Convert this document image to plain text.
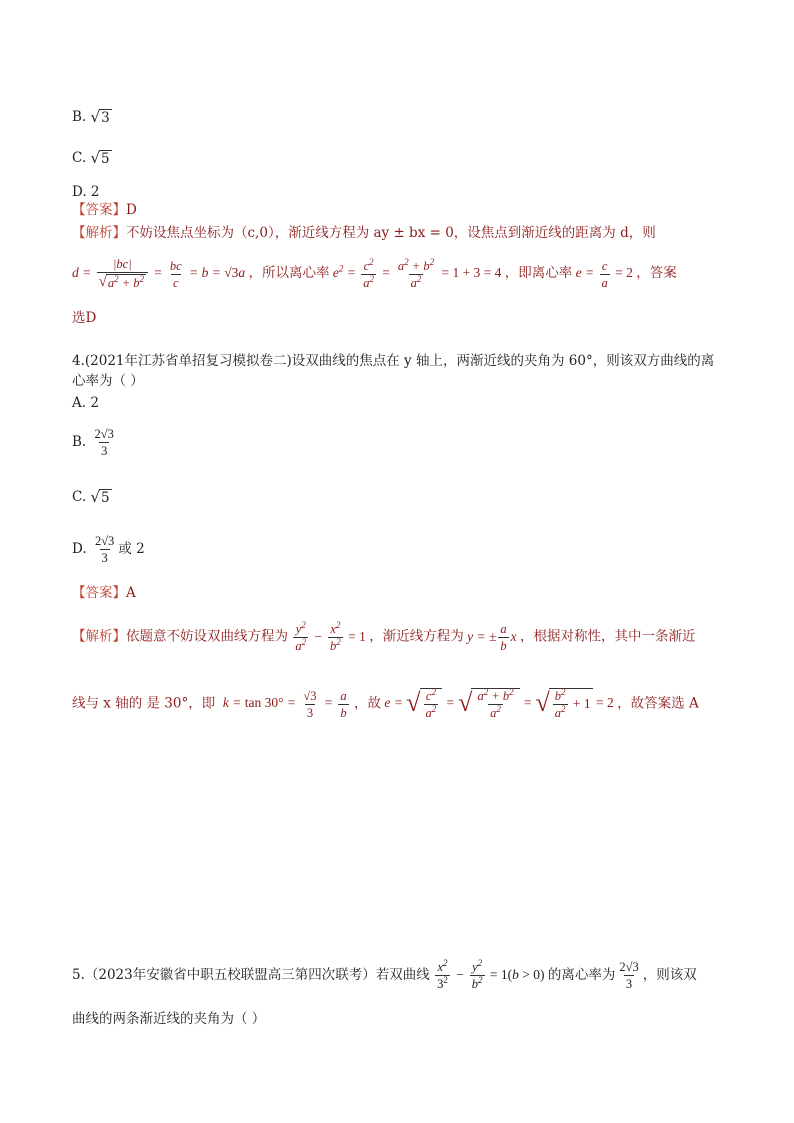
B. √ 3
C. √ 5
D. 2
【答案】D
【解析】不妨设焦点坐标为（c,0），渐近线方程为 ay ± bx = 0，设焦点到渐近线的距离为 d，则
$d = \frac{|bc|}{√ a^2 + b^2} = \frac{bc}{c} = b = √3a$ ，所以离心率 $e^2 = \frac{c^2}{a^2} = \frac{a^2 + b^2}{a^2} = 1 + 3 = 4$ ，即离心率 $e = \frac{c}{a} = 2$ ，答案
选D
4.(2021年江苏省单招复习模拟卷二)设双曲线的焦点在 y 轴上，两渐近线的夹角为 60°，则该双方曲线的离
心率为（ ）
A. 2
B. $\frac{2√3}{3}$
C. √ 5
D. $\frac{2√3}{3}$ 或 2
【答案】A
【解析】依题意不妨设双曲线方程为 $\frac{y^2}{a^2} - \frac{x^2}{b^2} = 1$ ，渐近线方程为 y = ± $\frac{a}{b}$ x ，根据对称性，其中一条渐近
线与 x 轴的 是 30°，即  $k = \tan 30^\circ = \frac{√3}{3} = \frac{a}{b}$ ，故 e = √ $\frac{c^2}{a^2}$ = √ $\frac{a^2 + b^2}{a^2}$ = √ $\frac{b^2}{a^2} + 1 = 2$ ，故答案选 A
5.（2023年安徽省中职五校联盟高三第四次联考）若双曲线 $\frac{x^2}{3^2} - \frac{y^2}{b^2} = 1(b > 0)$ 的离心率为 $\frac{2√3}{3}$ ，则该双
曲线的两条渐近线的夹角为（ ）
